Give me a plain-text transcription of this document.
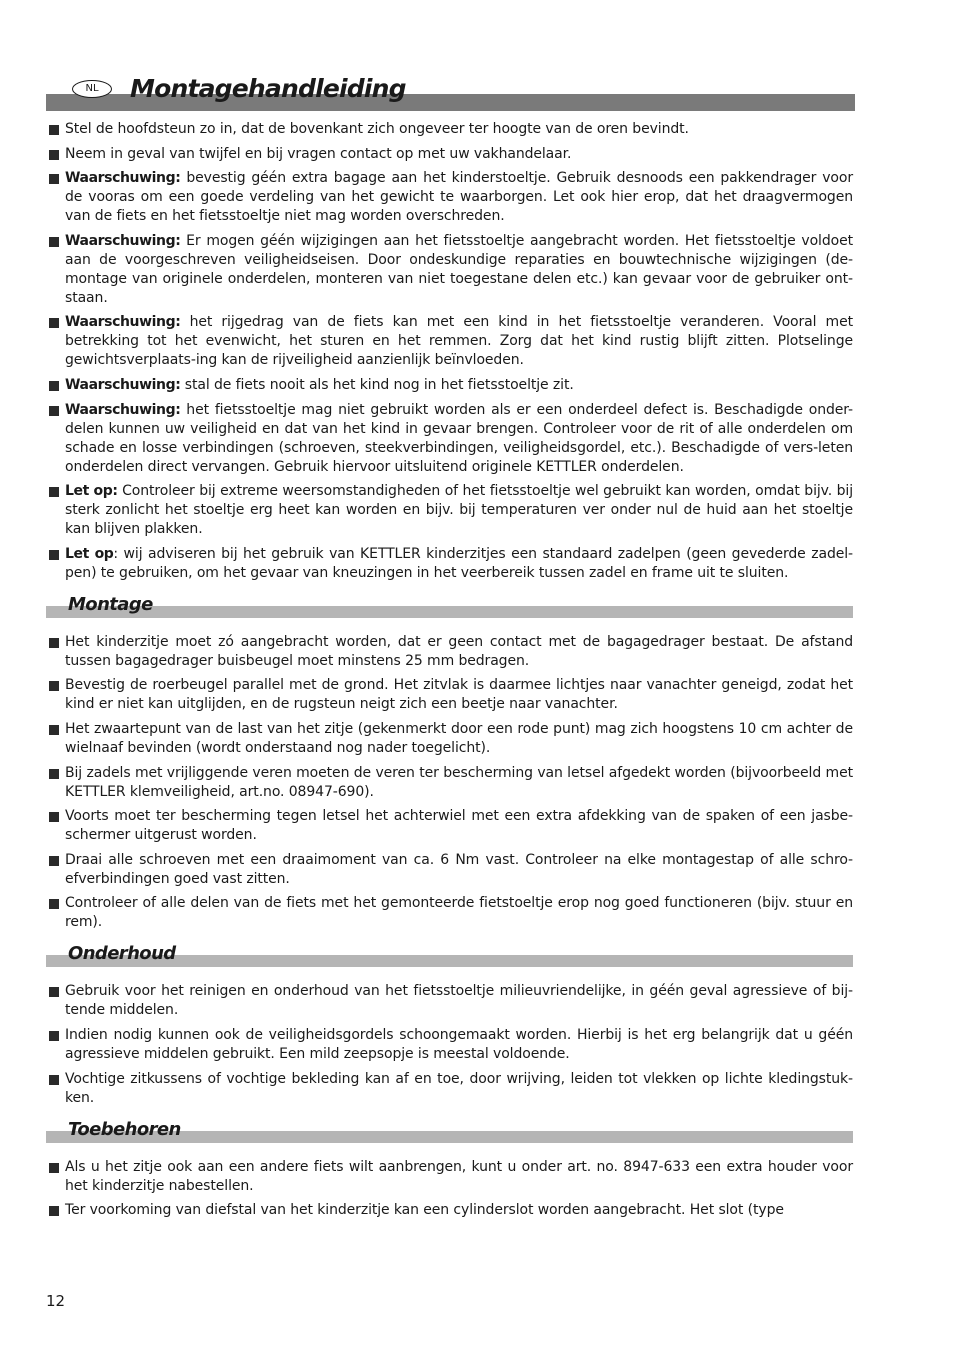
NL	Montagehandleiding
Stel de hoofdsteun zo in, dat de bovenkant zich ongeveer ter hoogte van de oren bevindt.
Neem in geval van twijfel en bij vragen contact op met uw vakhandelaar.
Waarschuwing: bevestig géén extra bagage aan het kinderstoeltje. Gebruik desnoods een pakkendrager voor de vooras om een goede verdeling van het gewicht te waarborgen. Let ook hier erop, dat het draagvermogen van de fiets en het fietsstoeltje niet mag worden overschreden.
Waarschuwing: Er mogen géén wijzigingen aan het fietsstoeltje aangebracht worden. Het fietsstoeltje voldoet aan de voorgeschreven veiligheidseisen. Door ondeskundige reparaties en bouwtechnische wijzigingen (de-montage van originele onderdelen, monteren van niet toegestane delen etc.) kan gevaar voor de gebruiker ont-staan.
Waarschuwing: het rijgedrag van de fiets kan met een kind in het fietsstoeltje veranderen. Vooral met betrekking tot het evenwicht, het sturen en het remmen. Zorg dat het kind rustig blijft zitten. Plotselinge gewichtsverplaats-ing kan de rijveiligheid aanzienlijk beïnvloeden.
Waarschuwing: stal de fiets nooit als het kind nog in het fietsstoeltje zit.
Waarschuwing: het fietsstoeltje mag niet gebruikt worden als er een onderdeel defect is. Beschadigde onder-delen kunnen uw veiligheid en dat van het kind in gevaar brengen. Controleer voor de rit of alle onderdelen om schade en losse verbindingen (schroeven, steekverbindingen, veiligheidsgordel, etc.). Beschadigde of vers-leten onderdelen direct vervangen. Gebruik hiervoor uitsluitend originele KETTLER onderdelen.
Let op: Controleer bij extreme weersomstandigheden of het fietsstoeltje wel gebruikt kan worden, omdat bijv. bij sterk zonlicht het stoeltje erg heet kan worden en bijv. bij temperaturen ver onder nul de huid aan het stoeltje kan blijven plakken.
Let op: wij adviseren bij het gebruik van KETTLER kinderzitjes een standaard zadelpen (geen gevederde zadel-pen) te gebruiken, om het gevaar van kneuzingen in het veerbereik tussen zadel en frame uit te sluiten.
Montage
Het kinderzitje moet zó aangebracht worden, dat er geen contact met de bagagedrager bestaat. De afstand tussen bagagedrager buisbeugel moet minstens 25 mm bedragen.
Bevestig de roerbeugel parallel met de grond. Het zitvlak is daarmee lichtjes naar vanachter geneigd, zodat het kind er niet kan uitglijden, en de rugsteun neigt zich een beetje naar vanachter.
Het zwaartepunt van de last van het zitje (gekenmerkt door een rode punt) mag zich hoogstens 10 cm achter de wielnaaf bevinden (wordt onderstaand nog nader toegelicht).
Bij zadels met vrijliggende veren moeten de veren ter bescherming van letsel afgedekt worden (bijvoorbeeld met KETTLER klemveiligheid, art.no. 08947-690).
Voorts moet ter bescherming tegen letsel het achterwiel met een extra afdekking van de spaken of een jasbe-schermer uitgerust worden.
Draai alle schroeven met een draaimoment van ca. 6 Nm vast. Controleer na elke montagestap of alle schro-efverbindingen goed vast zitten.
Controleer of alle delen van de fiets met het gemonteerde fietstoeltje erop nog goed functioneren (bijv. stuur en rem).
Onderhoud
Gebruik voor het reinigen en onderhoud van het fietsstoeltje milieuvriendelijke, in géén geval agressieve of bij-tende middelen.
Indien nodig kunnen ook de veiligheidsgordels schoongemaakt worden. Hierbij is het erg belangrijk dat u géén agressieve middelen gebruikt. Een mild zeepsopje is meestal voldoende.
Vochtige zitkussens of vochtige bekleding kan af en toe, door wrijving, leiden tot vlekken op lichte kledingstuk-ken.
Toebehoren
Als u het zitje ook aan een andere fiets wilt aanbrengen, kunt u onder art. no. 8947-633 een extra houder voor het kinderzitje nabestellen.
Ter voorkoming van diefstal van het kinderzitje kan een cylinderslot worden aangebracht. Het slot (type
12
